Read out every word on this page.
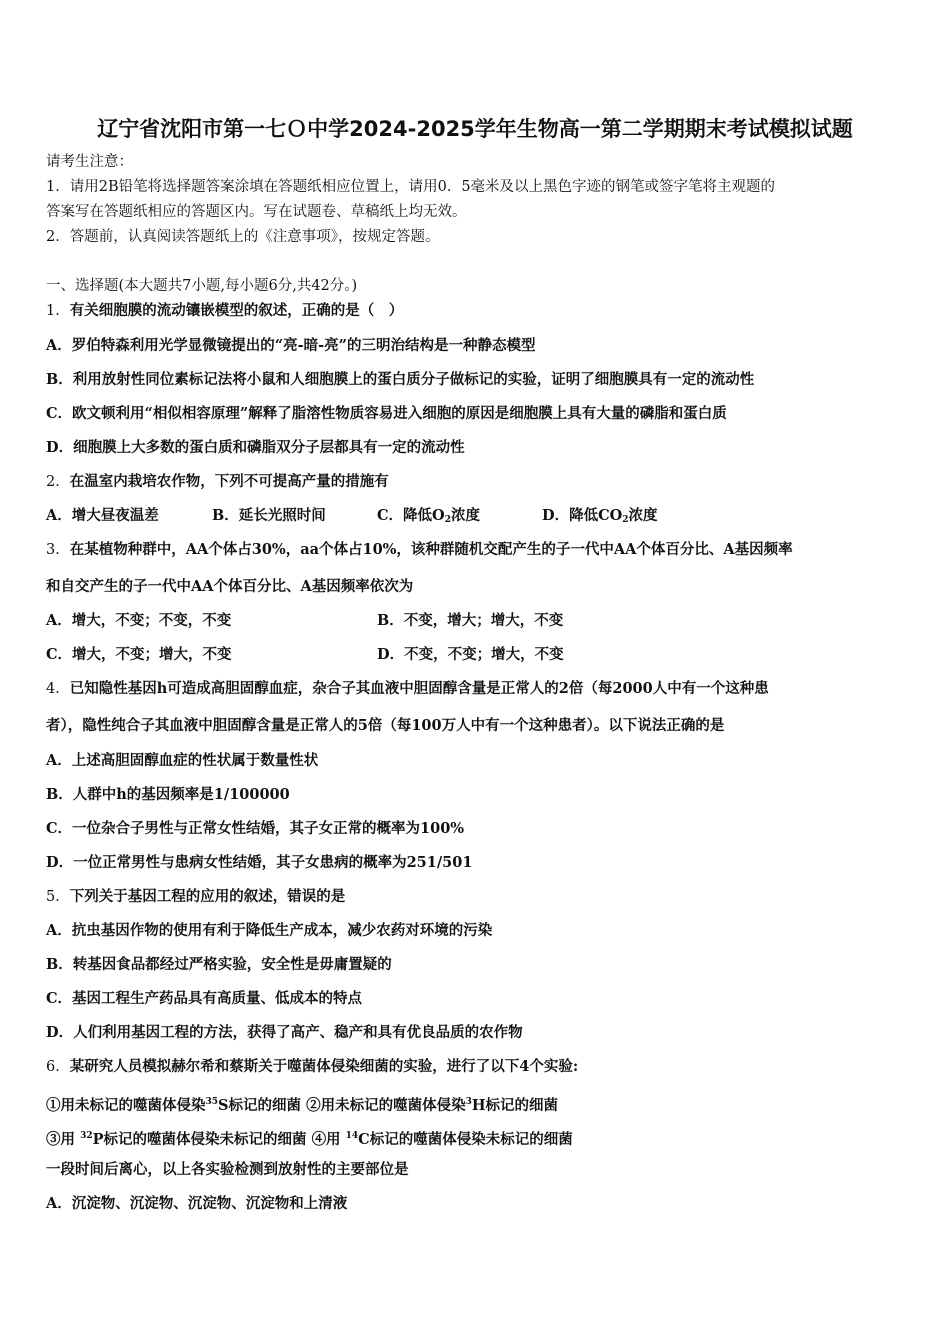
辽宁省沈阳市第一七Ｏ中学2024-2025学年生物高一第二学期期末考试模拟试题
请考生注意：
1．请用2B铅笔将选择题答案涂填在答题纸相应位置上，请用0．5毫米及以上黑色字迹的钢笔或签字笔将主观题的
答案写在答题纸相应的答题区内。写在试题卷、草稿纸上均无效。
2．答题前，认真阅读答题纸上的《注意事项》，按规定答题。
一、选择题(本大题共7小题,每小题6分,共42分。)
1．有关细胞膜的流动镶嵌模型的叙述，正确的是（　）
A．罗伯特森利用光学显微镜提出的“亮-暗-亮”的三明治结构是一种静态模型
B．利用放射性同位素标记法将小鼠和人细胞膜上的蛋白质分子做标记的实验，证明了细胞膜具有一定的流动性
C．欧文顿利用“相似相容原理”解释了脂溶性物质容易进入细胞的原因是细胞膜上具有大量的磷脂和蛋白质
D．细胞膜上大多数的蛋白质和磷脂双分子层都具有一定的流动性
2．在温室内栽培农作物，下列不可提高产量的措施有
A．增大昼夜温差	B．延长光照时间	C．降低$O_2$浓度	D．降低$CO_2$浓度
3．在某植物种群中，AA个体占30%，aa个体占10%，该种群随机交配产生的子一代中AA个体百分比、A基因频率
和自交产生的子一代中AA个体百分比、A基因频率依次为
A．增大，不变；不变，不变	B．不变，增大；增大，不变
C．增大，不变；增大，不变	D．不变，不变；增大，不变
4．已知隐性基因h可造成高胆固醇血症，杂合子其血液中胆固醇含量是正常人的2倍（每2000人中有一个这种患
者），隐性纯合子其血液中胆固醇含量是正常人的5倍（每100万人中有一个这种患者）。以下说法正确的是
A．上述高胆固醇血症的性状属于数量性状
B．人群中h的基因频率是1/100000
C．一位杂合子男性与正常女性结婚，其子女正常的概率为100%
D．一位正常男性与患病女性结婚，其子女患病的概率为251/501
5．下列关于基因工程的应用的叙述，错误的是
A．抗虫基因作物的使用有利于降低生产成本，减少农药对环境的污染
B．转基因食品都经过严格实验，安全性是毋庸置疑的
C．基因工程生产药品具有高质量、低成本的特点
D．人们利用基因工程的方法，获得了高产、稳产和具有优良品质的农作物
6．某研究人员模拟赫尔希和蔡斯关于噬菌体侵染细菌的实验，进行了以下4个实验:
①用未标记的噬菌体侵染$^{35}$S标记的细菌 ②用未标记的噬菌体侵染$^3$H标记的细菌
③用 $^{32}$P标记的噬菌体侵染未标记的细菌 ④用 $^{14}$C标记的噬菌体侵染未标记的细菌
一段时间后离心，以上各实验检测到放射性的主要部位是
A．沉淀物、沉淀物、沉淀物、沉淀物和上清液
